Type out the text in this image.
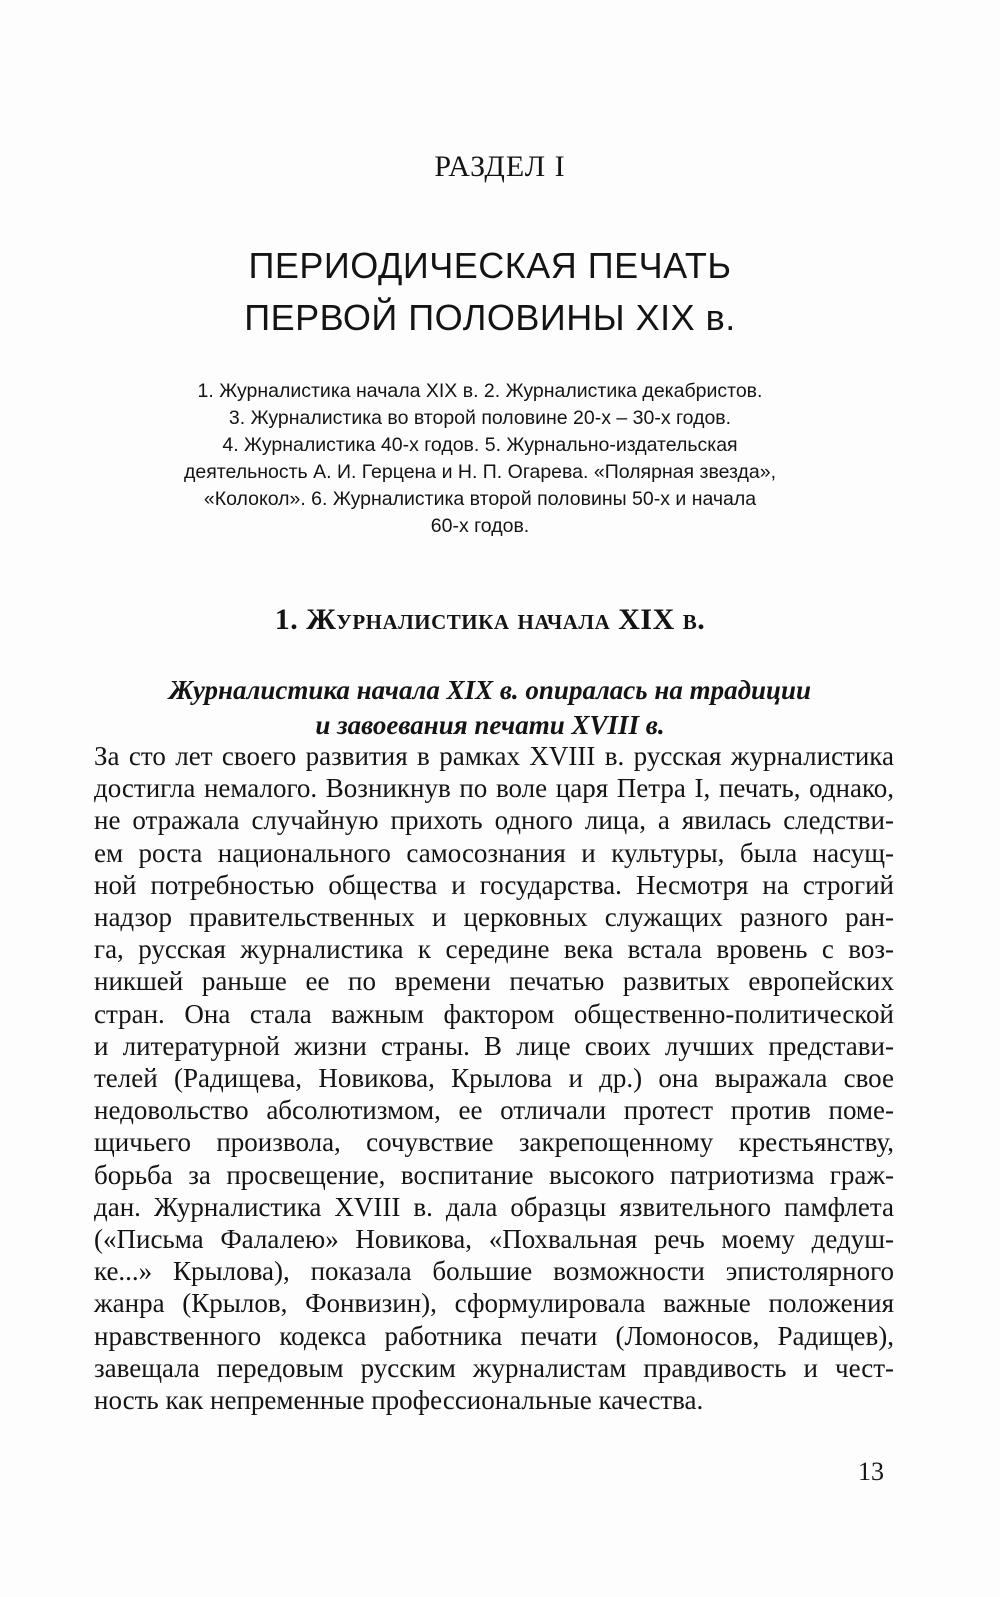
РАЗДЕЛ I
ПЕРИОДИЧЕСКАЯ ПЕЧАТЬ
ПЕРВОЙ ПОЛОВИНЫ XIX в.
1. Журналистика начала XIX в. 2. Журналистика декабристов.
3. Журналистика во второй половине 20-х – 30-х годов.
4. Журналистика 40-х годов. 5. Журнально-издательская
деятельность А. И. Герцена и Н. П. Огарева. «Полярная звезда»,
«Колокол». 6. Журналистика второй половины 50-х и начала
60-х годов.
1. Журналистика начала XIX в.
Журналистика начала XIX в. опиралась на традиции
и завоевания печати XVIII в.
За сто лет своего развития в рамках XVIII в. русская журналистика
достигла немалого. Возникнув по воле царя Петра I, печать, однако,
не отражала случайную прихоть одного лица, а явилась следстви-
ем роста национального самосознания и культуры, была насущ-
ной потребностью общества и государства. Несмотря на строгий
надзор правительственных и церковных служащих разного ран-
га, русская журналистика к середине века встала вровень с воз-
никшей раньше ее по времени печатью развитых европейских
стран. Она стала важным фактором общественно-политической
и литературной жизни страны. В лице своих лучших представи-
телей (Радищева, Новикова, Крылова и др.) она выражала свое
недовольство абсолютизмом, ее отличали протест против поме-
щичьего произвола, сочувствие закрепощенному крестьянству,
борьба за просвещение, воспитание высокого патриотизма граж-
дан. Журналистика XVIII в. дала образцы язвительного памфлета
(«Письма Фалалею» Новикова, «Похвальная речь моему дедуш-
ке...» Крылова), показала большие возможности эпистолярного
жанра (Крылов, Фонвизин), сформулировала важные положения
нравственного кодекса работника печати (Ломоносов, Радищев),
завещала передовым русским журналистам правдивость и чест-
ность как непременные профессиональные качества.
13
